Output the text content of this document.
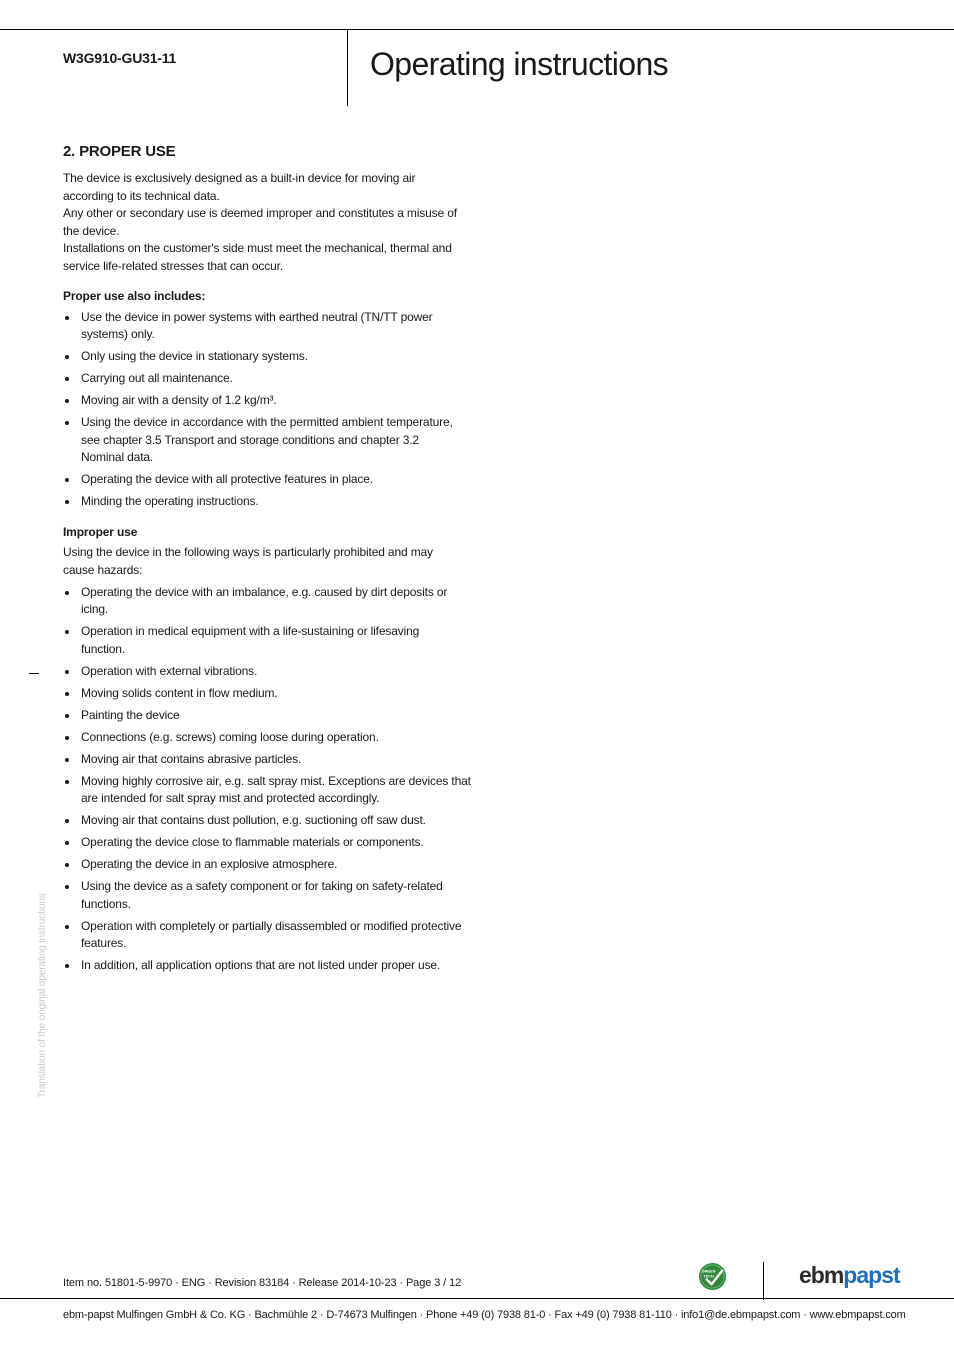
W3G910-GU31-11	Operating instructions
2. PROPER USE

The device is exclusively designed as a built-in device for moving air according to its technical data.

Any other or secondary use is deemed improper and constitutes a misuse of the device.

Installations on the customer's side must meet the mechanical, thermal and service life-related stresses that can occur.

Proper use also includes:
Use the device in power systems with earthed neutral (TN/TT power systems) only.
Only using the device in stationary systems.
Carrying out all maintenance.
Moving air with a density of 1.2 kg/m³.
Using the device in accordance with the permitted ambient temperature, see chapter 3.5 Transport and storage conditions and chapter 3.2 Nominal data.
Operating the device with all protective features in place.
Minding the operating instructions.
Improper use

Using the device in the following ways is particularly prohibited and may cause hazards:

Operating the device with an imbalance, e.g. caused by dirt deposits or icing.
Operation in medical equipment with a life-sustaining or lifesaving function.
Operation with external vibrations.
Moving solids content in flow medium.
Painting the device
Connections (e.g. screws) coming loose during operation.
Moving air that contains abrasive particles.
Moving highly corrosive air, e.g. salt spray mist. Exceptions are devices that are intended for salt spray mist and protected accordingly.
Moving air that contains dust pollution, e.g. suctioning off saw dust.
Operating the device close to flammable materials or components.
Operating the device in an explosive atmosphere.
Using the device as a safety component or for taking on safety-related functions.
Operation with completely or partially disassembled or modified protective features.
In addition, all application options that are not listed under proper use.
Translation of the original operating instructions
Item no. 51801-5-9970 · ENG · Revision 83184 · Release 2014-10-23 · Page 3 / 12
GREEN
TECH	ebmpapst
ebm-papst Mulfingen GmbH & Co. KG · Bachmühle 2 · D-74673 Mulfingen · Phone +49 (0) 7938 81-0 · Fax +49 (0) 7938 81-110 · info1@de.ebmpapst.com · www.ebmpapst.com
